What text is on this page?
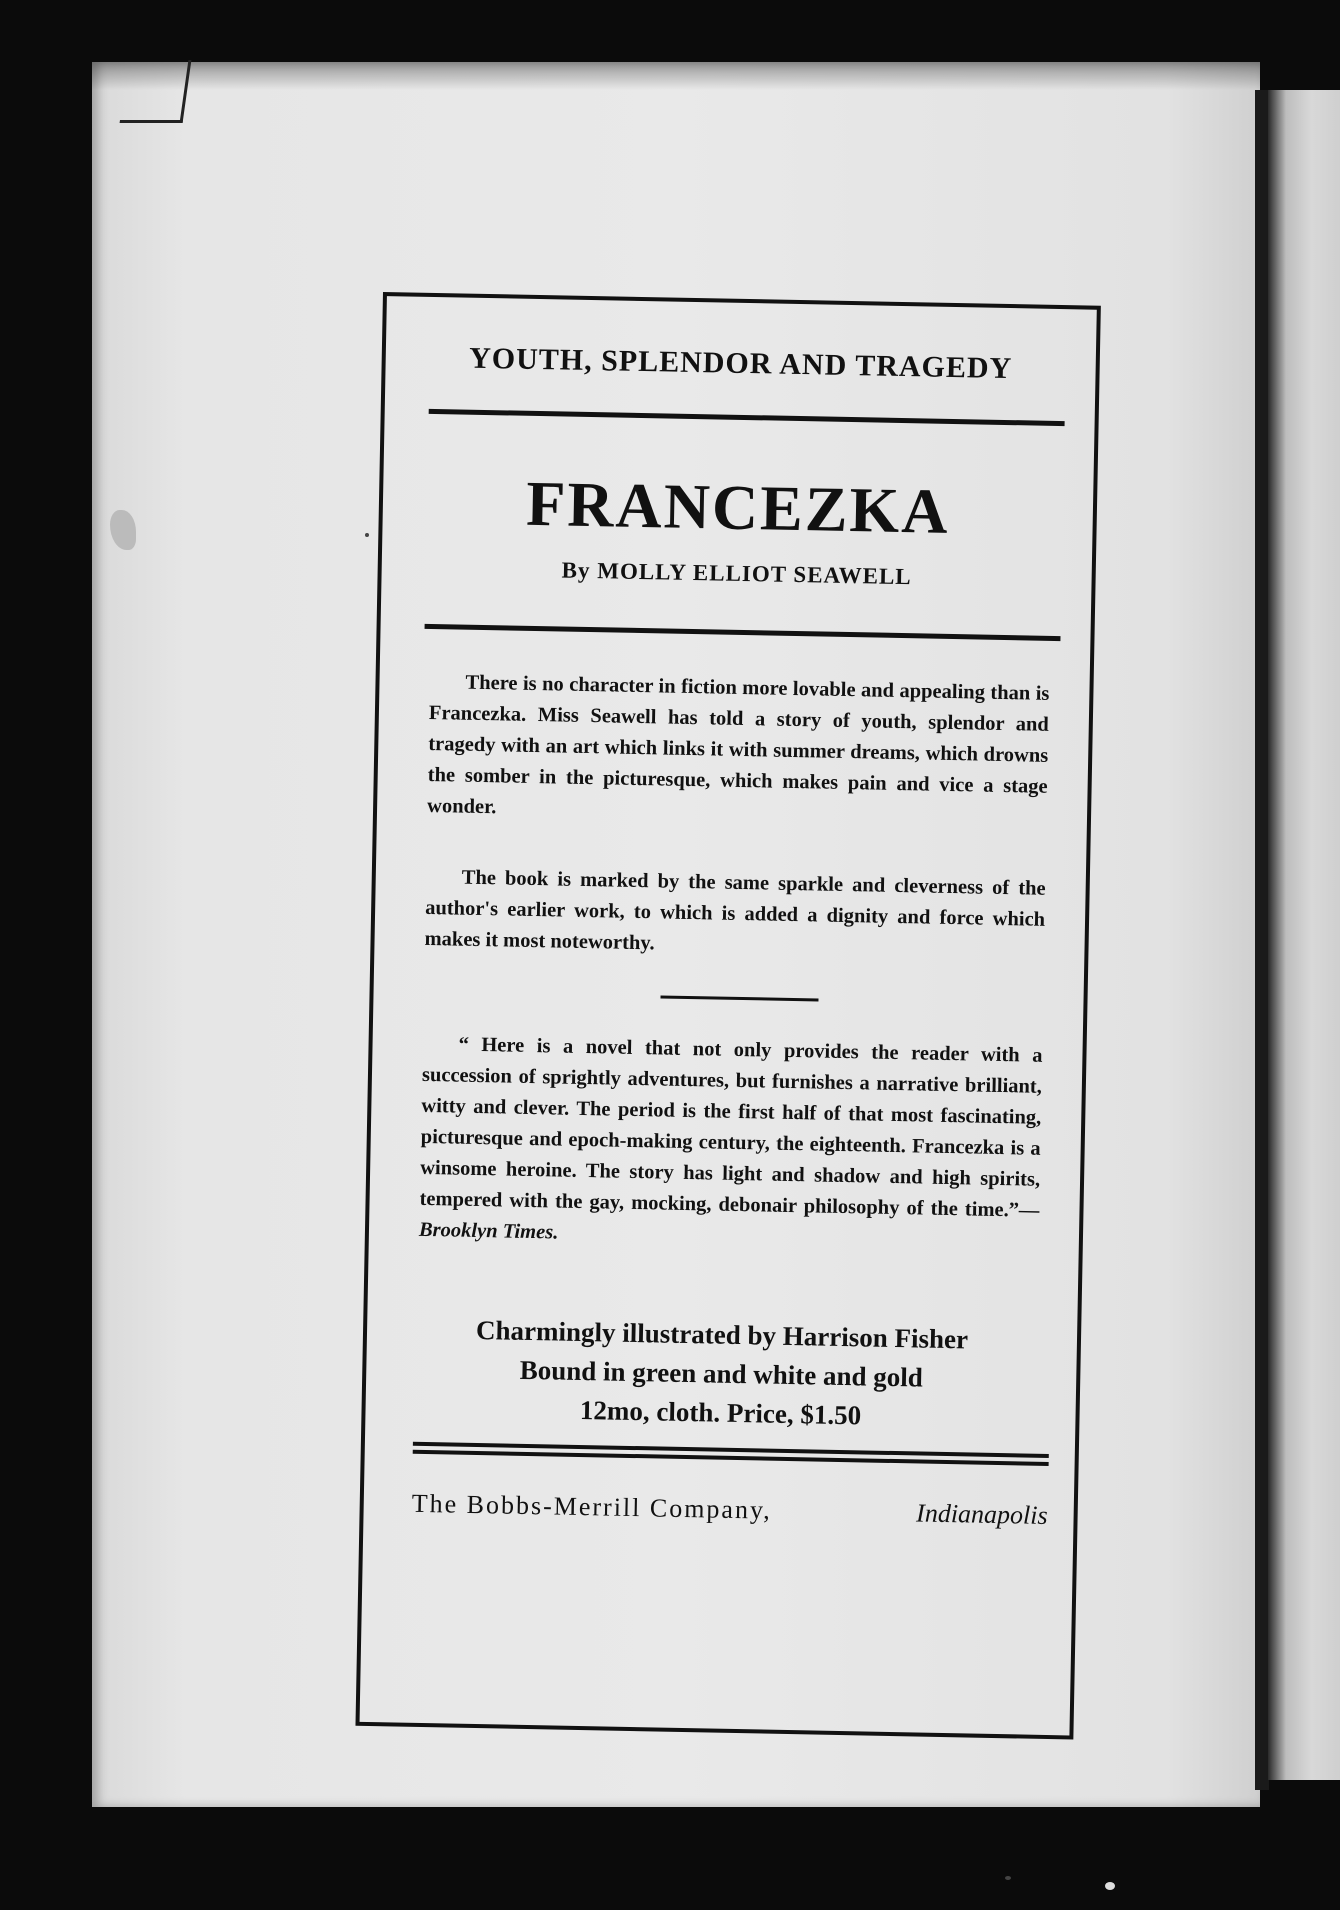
YOUTH, SPLENDOR AND TRAGEDY
FRANCEZKA
By MOLLY ELLIOT SEAWELL

There is no character in fiction more lovable and appealing than is Francezka. Miss Seawell has told a story of youth, splendor and tragedy with an art which links it with summer dreams, which drowns the somber in the picturesque, which makes pain and vice a stage wonder.

The book is marked by the same sparkle and cleverness of the author's earlier work, to which is added a dignity and force which makes it most noteworthy.

“ Here is a novel that not only provides the reader with a succession of sprightly adventures, but furnishes a narrative brilliant, witty and clever. The period is the first half of that most fascinating, picturesque and epoch-making century, the eighteenth. Francezka is a winsome heroine. The story has light and shadow and high spirits, tempered with the gay, mocking, debonair philosophy of the time.”—Brooklyn Times.

Charmingly illustrated by Harrison Fisher
Bound in green and white and gold
12mo, cloth. Price, $1.50
The Bobbs-Merrill Company,	Indianapolis
